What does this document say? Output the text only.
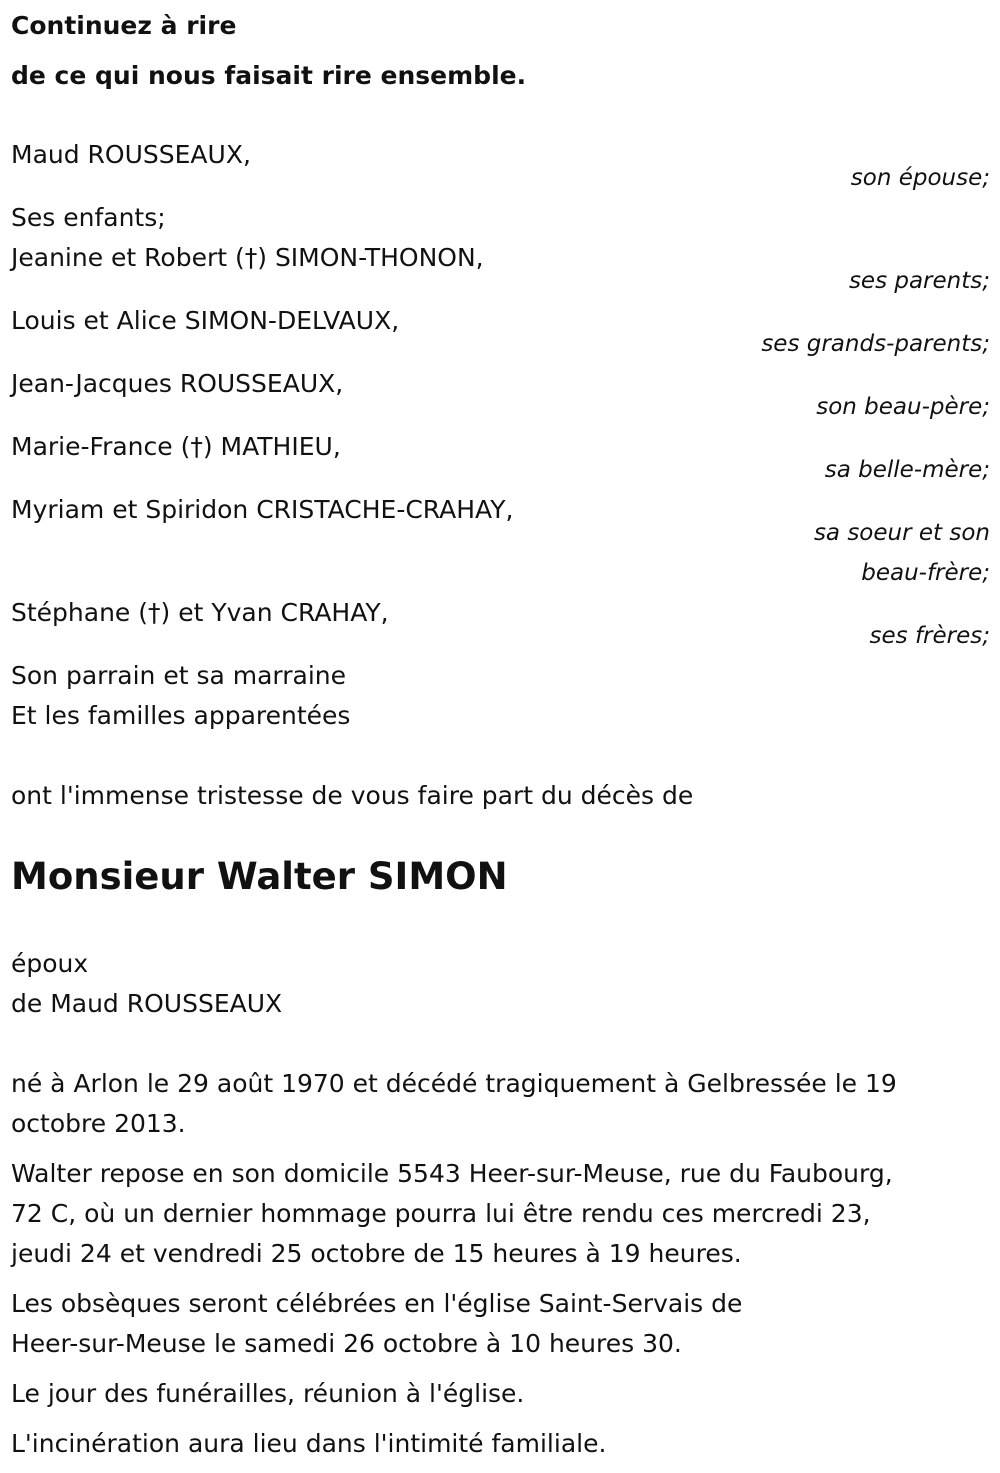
Continuez à rire
de ce qui nous faisait rire ensemble.
Maud ROUSSEAUX,
son épouse;
Ses enfants;
Jeanine et Robert (†) SIMON-THONON,
ses parents;
Louis et Alice SIMON-DELVAUX,
ses grands-parents;
Jean-Jacques ROUSSEAUX,
son beau-père;
Marie-France (†) MATHIEU,
sa belle-mère;
Myriam et Spiridon CRISTACHE-CRAHAY,
sa soeur et son
beau-frère;
Stéphane (†) et Yvan CRAHAY,
ses frères;
Son parrain et sa marraine
Et les familles apparentées
ont l'immense tristesse de vous faire part du décès de
Monsieur Walter SIMON
époux
de Maud ROUSSEAUX
né à Arlon le 29 août 1970 et décédé tragiquement à Gelbressée le 19
octobre 2013.
Walter repose en son domicile 5543 Heer-sur-Meuse, rue du Faubourg,
72 C, où un dernier hommage pourra lui être rendu ces mercredi 23,
jeudi 24 et vendredi 25 octobre de 15 heures à 19 heures.
Les obsèques seront célébrées en l'église Saint-Servais de
Heer-sur-Meuse le samedi 26 octobre à 10 heures 30.
Le jour des funérailles, réunion à l'église.
L'incinération aura lieu dans l'intimité familiale.
